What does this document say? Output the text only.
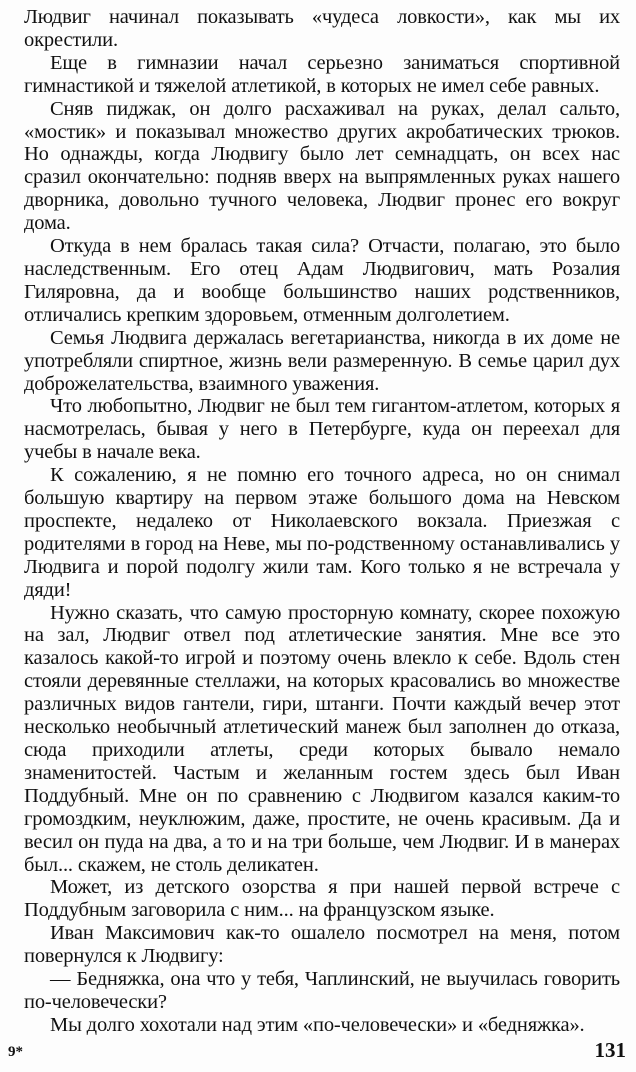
Людвиг начинал показывать «чудеса ловкости», как мы их окрестили.

Еще в гимназии начал серьезно заниматься спортивной гимнастикой и тяжелой атлетикой, в которых не имел себе равных.

Сняв пиджак, он долго расхаживал на руках, делал сальто, «мостик» и показывал множество других акробатических трюков. Но однажды, когда Людвигу было лет семнадцать, он всех нас сразил окончательно: подняв вверх на выпрямленных руках нашего дворника, довольно тучного человека, Людвиг пронес его вокруг дома.

Откуда в нем бралась такая сила? Отчасти, полагаю, это было наследственным. Его отец Адам Людвигович, мать Розалия Гиляровна, да и вообще большинство наших родственников, отличались крепким здоровьем, отменным долголетием.

Семья Людвига держалась вегетарианства, никогда в их доме не употребляли спиртное, жизнь вели размеренную. В семье царил дух доброжелательства, взаимного уважения.

Что любопытно, Людвиг не был тем гигантом-атлетом, которых я насмотрелась, бывая у него в Петербурге, куда он переехал для учебы в начале века.

К сожалению, я не помню его точного адреса, но он снимал большую квартиру на первом этаже большого дома на Невском проспекте, недалеко от Николаевского вокзала. Приезжая с родителями в город на Неве, мы по-родственному останавливались у Людвига и порой подолгу жили там. Кого только я не встречала у дяди!

Нужно сказать, что самую просторную комнату, скорее похожую на зал, Людвиг отвел под атлетические занятия. Мне все это казалось какой-то игрой и поэтому очень влекло к себе. Вдоль стен стояли деревянные стеллажи, на которых красовались во множестве различных видов гантели, гири, штанги. Почти каждый вечер этот несколько необычный атлетический манеж был заполнен до отказа, сюда приходили атлеты, среди которых бывало немало знаменитостей. Частым и желанным гостем здесь был Иван Поддубный. Мне он по сравнению с Людвигом казался каким-то громоздким, неуклюжим, даже, простите, не очень красивым. Да и весил он пуда на два, а то и на три больше, чем Людвиг. И в манерах был... скажем, не столь деликатен.

Может, из детского озорства я при нашей первой встрече с Поддубным заговорила с ним... на французском языке.

Иван Максимович как-то ошалело посмотрел на меня, потом повернулся к Людвигу:

— Бедняжка, она что у тебя, Чаплинский, не выучилась говорить по-человечески?

Мы долго хохотали над этим «по-человечески» и «бедняжка».

9*	131
